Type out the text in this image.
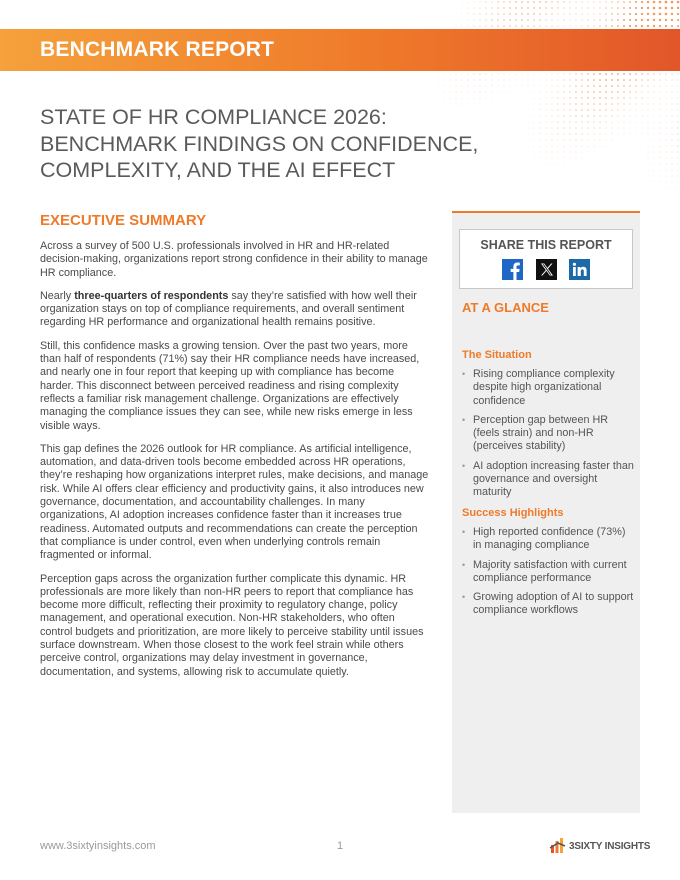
BENCHMARK REPORT
STATE OF HR COMPLIANCE 2026:
BENCHMARK FINDINGS ON CONFIDENCE,
COMPLEXITY, AND THE AI EFFECT
EXECUTIVE SUMMARY

Across a survey of 500 U.S. professionals involved in HR and HR-related decision-making, organizations report strong confidence in their ability to manage HR compliance.

Nearly three-quarters of respondents say they’re satisfied with how well their organization stays on top of compliance requirements, and overall sentiment regarding HR performance and organizational health remains positive.

Still, this confidence masks a growing tension. Over the past two years, more than half of respondents (71%) say their HR compliance needs have increased, and nearly one in four report that keeping up with compliance has become harder. This disconnect between perceived readiness and rising complexity reflects a familiar risk management challenge. Organizations are effectively managing the compliance issues they can see, while new risks emerge in less visible ways.

This gap defines the 2026 outlook for HR compliance. As artificial intelligence, automation, and data-driven tools become embedded across HR operations, they’re reshaping how organizations interpret rules, make decisions, and manage risk. While AI offers clear efficiency and productivity gains, it also introduces new governance, documentation, and accountability challenges. In many organizations, AI adoption increases confidence faster than it increases true readiness. Automated outputs and recommendations can create the perception that compliance is under control, even when underlying controls remain fragmented or informal.

Perception gaps across the organization further complicate this dynamic. HR professionals are more likely than non-HR peers to report that compliance has become more difficult, reflecting their proximity to regulatory change, policy management, and operational execution. Non-HR stakeholders, who often control budgets and prioritization, are more likely to perceive stability until issues surface downstream. When those closest to the work feel strain while others perceive control, organizations may delay investment in governance, documentation, and systems, allowing risk to accumulate quietly.

SHARE THIS REPORT

AT A GLANCE
The Situation
• Rising compliance complexity despite high organizational confidence
• Perception gap between HR (feels strain) and non-HR (perceives stability)
• AI adoption increasing faster than governance and oversight maturity
Success Highlights
• High reported confidence (73%) in managing compliance
• Majority satisfaction with current compliance performance
• Growing adoption of AI to support compliance workflows
www.3sixtyinsights.com	1	3SIXTY INSIGHTS
